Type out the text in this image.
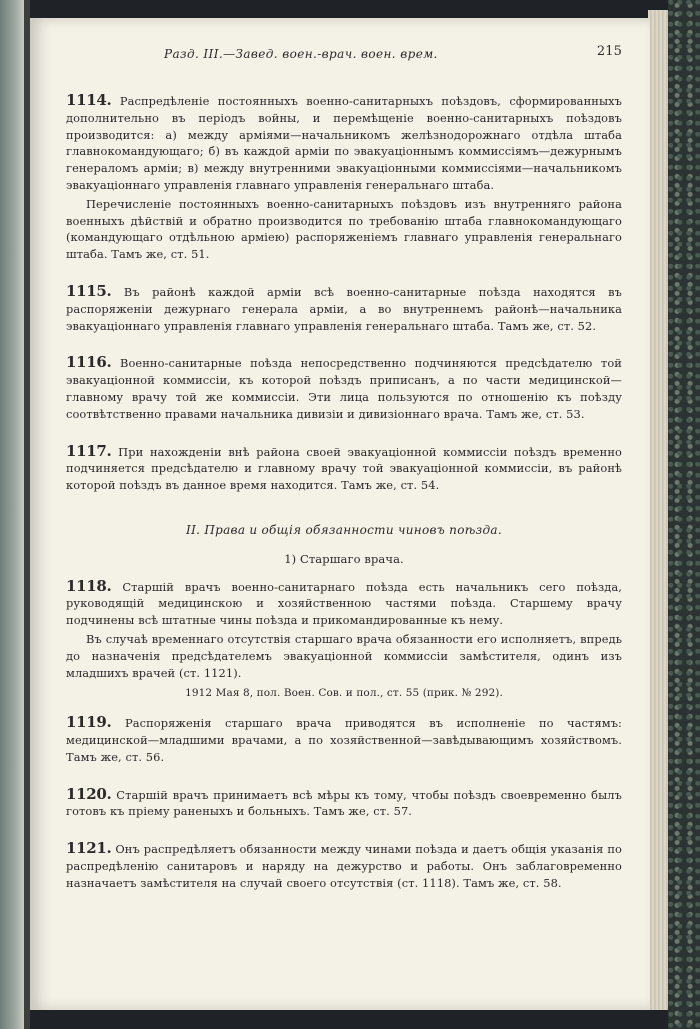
Разд. III.—Завед. воен.-врач. воен. врем.	215

1114. Распредѣленіе постоянныхъ военно-санитарныхъ поѣздовъ, сформированныхъ дополнительно въ періодъ войны, и перемѣщеніе военно-санитарныхъ поѣздовъ производится: а) между арміями—начальникомъ желѣзнодорожнаго отдѣла штаба главнокомандующаго; б) въ каждой арміи по эвакуаціоннымъ коммиссіямъ—дежурнымъ генераломъ арміи; в) между внутренними эвакуаціонными коммиссіями—начальникомъ эвакуаціоннаго управленія главнаго управленія генеральнаго штаба.

Перечисленіе постоянныхъ военно-санитарныхъ поѣздовъ изъ внутренняго района военныхъ дѣйствій и обратно производится по требованію штаба главнокомандующаго (командующаго отдѣльною арміею) распоряженіемъ главнаго управленія генеральнаго штаба. Тамъ же, ст. 51.

1115. Въ районѣ каждой арміи всѣ военно-санитарные поѣзда находятся въ распоряженіи дежурнаго генерала арміи, а во внутреннемъ районѣ—начальника эвакуаціоннаго управленія главнаго управленія генеральнаго штаба. Тамъ же, ст. 52.

1116. Военно-санитарные поѣзда непосредственно подчиняются предсѣдателю той эвакуаціонной коммиссіи, къ которой поѣздъ приписанъ, а по части медицинской—главному врачу той же коммиссіи. Эти лица пользуются по отношенію къ поѣзду соотвѣтственно правами начальника дивизіи и дивизіоннаго врача. Тамъ же, ст. 53.

1117. При нахожденіи внѣ района своей эвакуаціонной коммиссіи поѣздъ временно подчиняется предсѣдателю и главному врачу той эвакуаціонной коммиссіи, въ районѣ которой поѣздъ въ данное время находится. Тамъ же, ст. 54.

II. Права и общія обязанности чиновъ поѣзда.
1) Старшаго врача.

1118. Старшій врачъ военно-санитарнаго поѣзда есть начальникъ сего поѣзда, руководящій медицинскою и хозяйственною частями поѣзда. Старшему врачу подчинены всѣ штатные чины поѣзда и прикомандированные къ нему.

Въ случаѣ временнаго отсутствія старшаго врача обязанности его исполняетъ, впредь до назначенія предсѣдателемъ эвакуаціонной коммиссіи замѣстителя, одинъ изъ младшихъ врачей (ст. 1121).

1912 Мая 8, пол. Воен. Сов. и пол., ст. 55 (прик. № 292).

1119. Распоряженія старшаго врача приводятся въ исполненіе по частямъ: медицинской—младшими врачами, а по хозяйственной—завѣдывающимъ хозяйствомъ. Тамъ же, ст. 56.

1120. Старшій врачъ принимаетъ всѣ мѣры къ тому, чтобы поѣздъ своевременно былъ готовъ къ пріему раненыхъ и больныхъ. Тамъ же, ст. 57.

1121. Онъ распредѣляетъ обязанности между чинами поѣзда и даетъ общія указанія по распредѣленію санитаровъ и наряду на дежурство и работы. Онъ заблаговременно назначаетъ замѣстителя на случай своего отсутствія (ст. 1118). Тамъ же, ст. 58.
